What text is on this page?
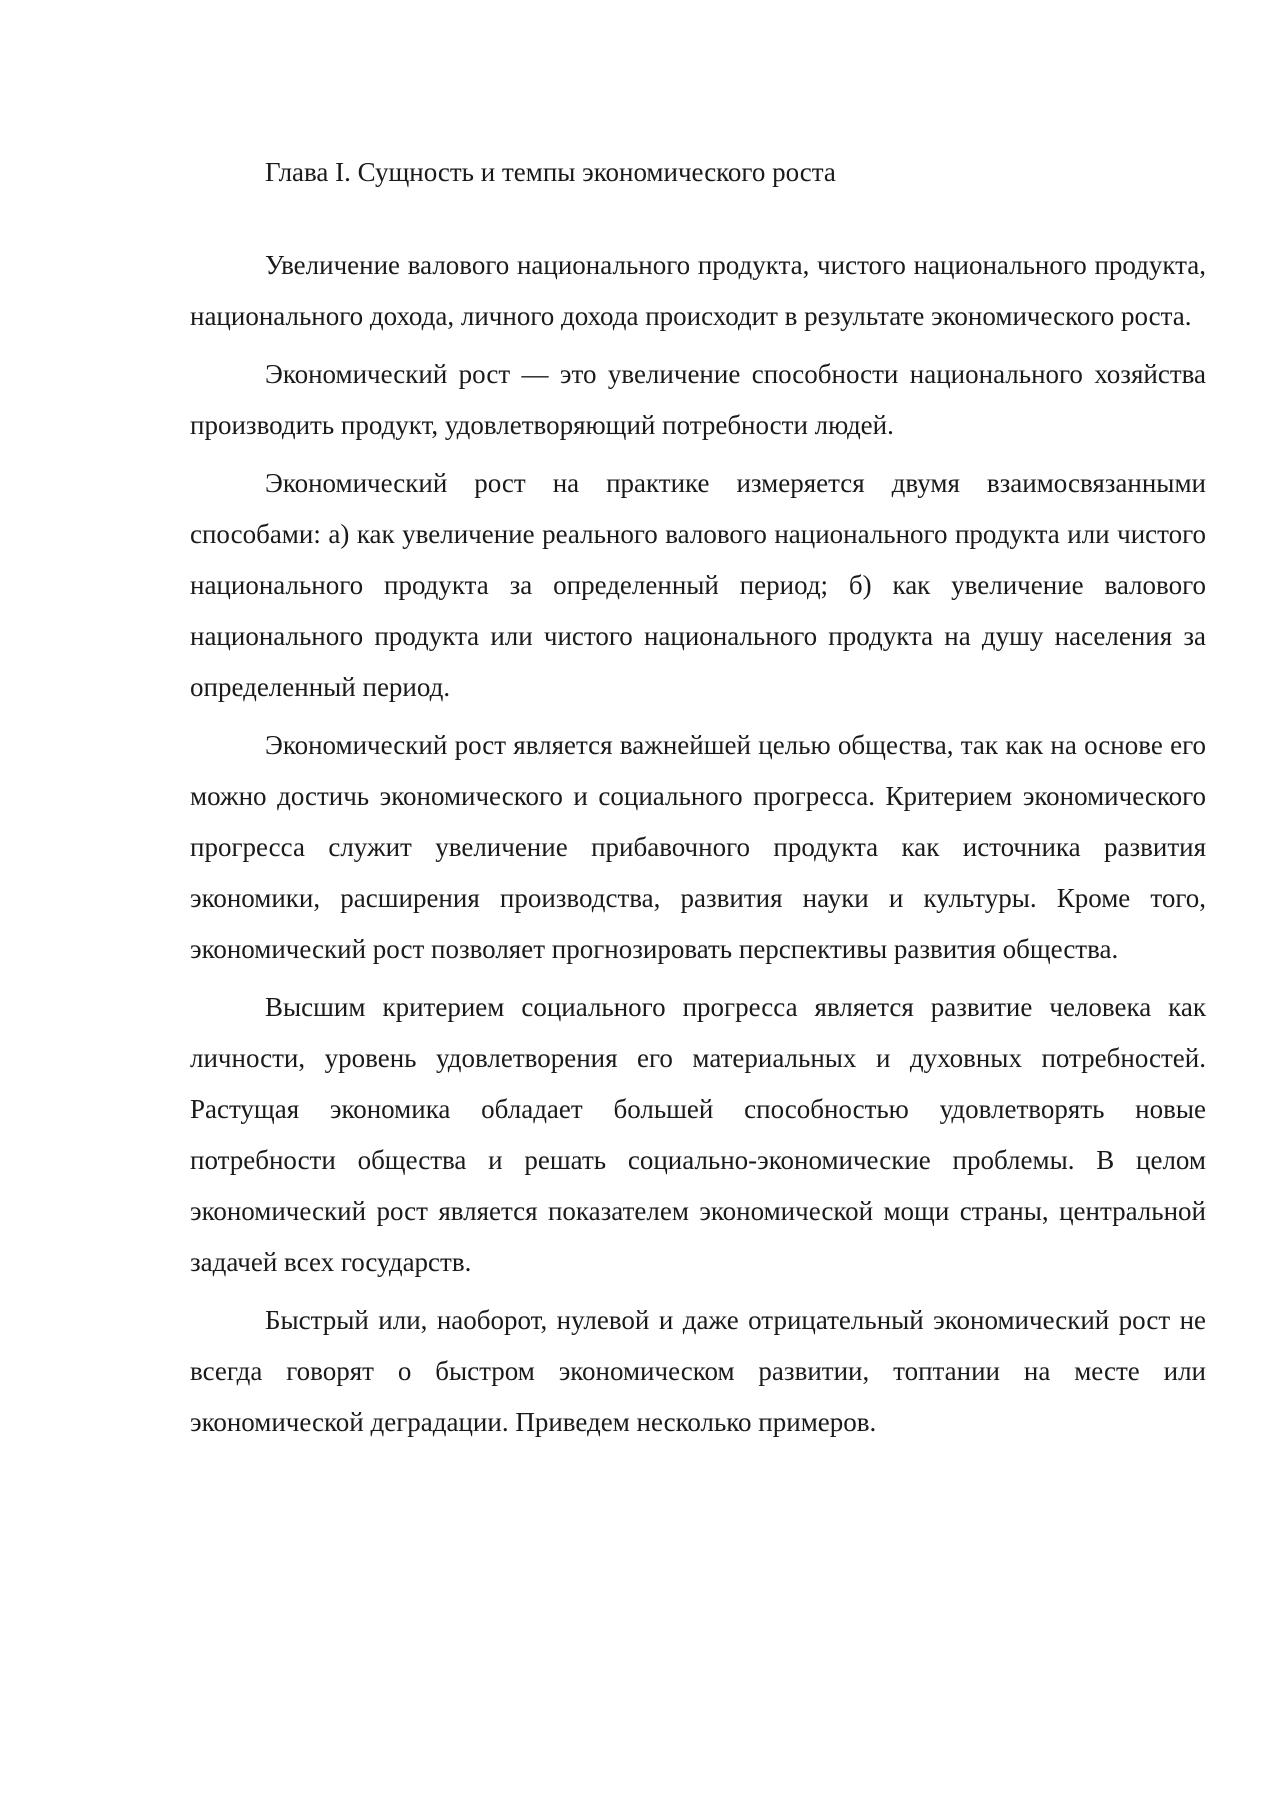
Глава I. Сущность и темпы экономического роста

Увеличение валового национального продукта, чистого национального продукта, национального дохода, личного дохода происходит в результате экономического роста.

Экономический рост — это увеличение способности национального хозяйства производить продукт, удовлетворяющий потребности людей.

Экономический рост на практике измеряется двумя взаимосвязанными способами: а) как увеличение реального валового национального продукта или чистого национального продукта за определенный период; б) как увеличение валового национального продукта или чистого национального продукта на душу населения за определенный период.

Экономический рост является важнейшей целью общества, так как на основе его можно достичь экономического и социального прогресса. Критерием экономического прогресса служит увеличение прибавочного продукта как источника развития экономики, расширения производства, развития науки и культуры. Кроме того, экономический рост позволяет прогнозировать перспективы развития общества.

Высшим критерием социального прогресса является развитие человека как личности, уровень удовлетворения его материальных и духовных потребностей. Растущая экономика обладает большей способностью удовлетворять новые потребности общества и решать социально-экономические проблемы. В целом экономический рост является показателем экономической мощи страны, центральной задачей всех государств.

Быстрый или, наоборот, нулевой и даже отрицательный экономический рост не всегда говорят о быстром экономическом развитии, топтании на месте или экономической деградации. Приведем несколько примеров.
